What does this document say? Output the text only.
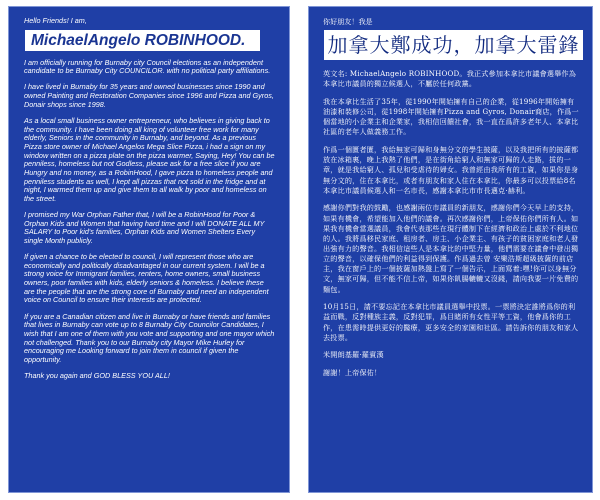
Hello Friends! I am,
MichaelAngelo ROBINHOOD.

I am officially running for Burnaby city Council elections as an independent candidate to be Burnaby City COUNCILOR. with no political party affiliations.

I have lived in Burnaby for 35 years and owned businesses since 1990 and owned Painting and Restoration Companies since 1996 and Pizza and Gyros, Donair shops since 1998.

As a local small business owner entrepreneur, who believes in giving back to the community. I have been doing all king of volunteer free work for many elderly, Seniors in the community in Burnaby, and beyond. As a previous Pizza store owner of Michael Angelos Mega Slice Pizza, i had a sign on my window written on a pizza plate on the pizza warmer, Saying, Hey! You can be penniless, homeless but not Godless, please ask for a free slice if you are Hungry and no money, as a RobinHood, I gave pizza to homeless people and penniless students as well, I kept all pizzas that not sold in the fridge and at night, I warmed them up and give them to all walk by poor and homeless on the street.

I promised my War Orphan Father that, I will be a RobinHood for Poor & Orphan Kids and Women that having hard time and I will DONATE ALL MY SALARY to Poor kid's families, Orphan Kids and Women Shelters Every single Month publicly.

If given a chance to be elected to council, I will represent those who are economically and politically disadvantaged in our current system. I will be a strong voice for Immigrant families, renters, home owners, small business owners, poor families with kids, elderly seniors & homeless. I believe these are the people that are the strong core of Burnaby and need an independent voice on Council to ensure their interests are protected.

If you are a Canadian citizen and live in Burnaby or have friends and families that lives in Burnaby can vote up to 8 Burnaby City Councilor Candidates, I wish that I am one of them with you vote and supporting and one mayor which not challenged. Thank you to our Burnaby city Mayor Mike Hurley for encouraging me Looking forward to join them in council if given the opportunity.

Thank you again and GOD BLESS YOU ALL!

你好朋友！我是
加拿大鄭成功，加拿大雷鋒

英文名: MichaelAngelo ROBINHOOD。我正式參加本拿比市議會選舉作為本拿比市議員的獨立候選人，不屬於任何政黨。

我在本拿比生活了35年，從1990年開始擁有自己的企業，從1996年開始擁有油漆和裝修公司，從1998年開始擁有Pizza and Gyros, Donair商店，作爲一個當地的小企業主和企業家，我相信回饋社會，我一直在爲許多老年人、本拿比社區的老年人做義務工作。

作爲一個匱者匱，我給無家可歸和身無分文的學生披薩，以及我把所有的披薩都放在冰箱裏，晚上我熱了他們，是在街角給窮人和無家可歸的人走路，拔的一章，就是我給窮人、孤兒和受虐待的婦女。我曾經由我所有的工資，如果你是身無分文的，住在本拿比，或者有朋友和家人住在本拿比，你最多可以投票給8名本拿比市議員候選人和一名市長，感謝本拿比市市長邁克·赫利。

感謝你們對我的鼓勵，也感謝兩位市議員的新朋友，感謝你們今天早上的支持，如果有機會，希望能加入他們的議會。再次感謝你們，上帝保佑你們所有人。如果我有機會當選議員，我會代表那些在現行體制下在經濟和政治上處於不利地位的人。我將爲移民家庭、租房者、房主、小企業主、有孩子的貧困家庭和老人發出強有力的聲音。我相信這些人是本拿比的中堅力量，他們需要在議會中發出獨立的聲音，以確保他們的利益得到保護。作爲過去曾 安樂浩斯超級披薩的前店主，我在窗戶上的一個披薩加熱盤上寫了一個告示，上面寫着:嘿!你可以身無分文，無家可歸，但不能不信上帝，如果你飢腸轆轆又沒錢，請向我要一片免費的麵包。

10月15日，請不要忘記在本拿比市議員選舉中投票。一票將決定誰將爲你的利益而戰，反對種族主義，反對犯罪，爲目睹所有女性平等工資，他會爲你的工作，在患需時提供更好的醫療，更多安全的家園和社區。請告訴你的朋友和家人去投票。

米開朗基羅·羅賓漢

謝謝！上帝保佑！
